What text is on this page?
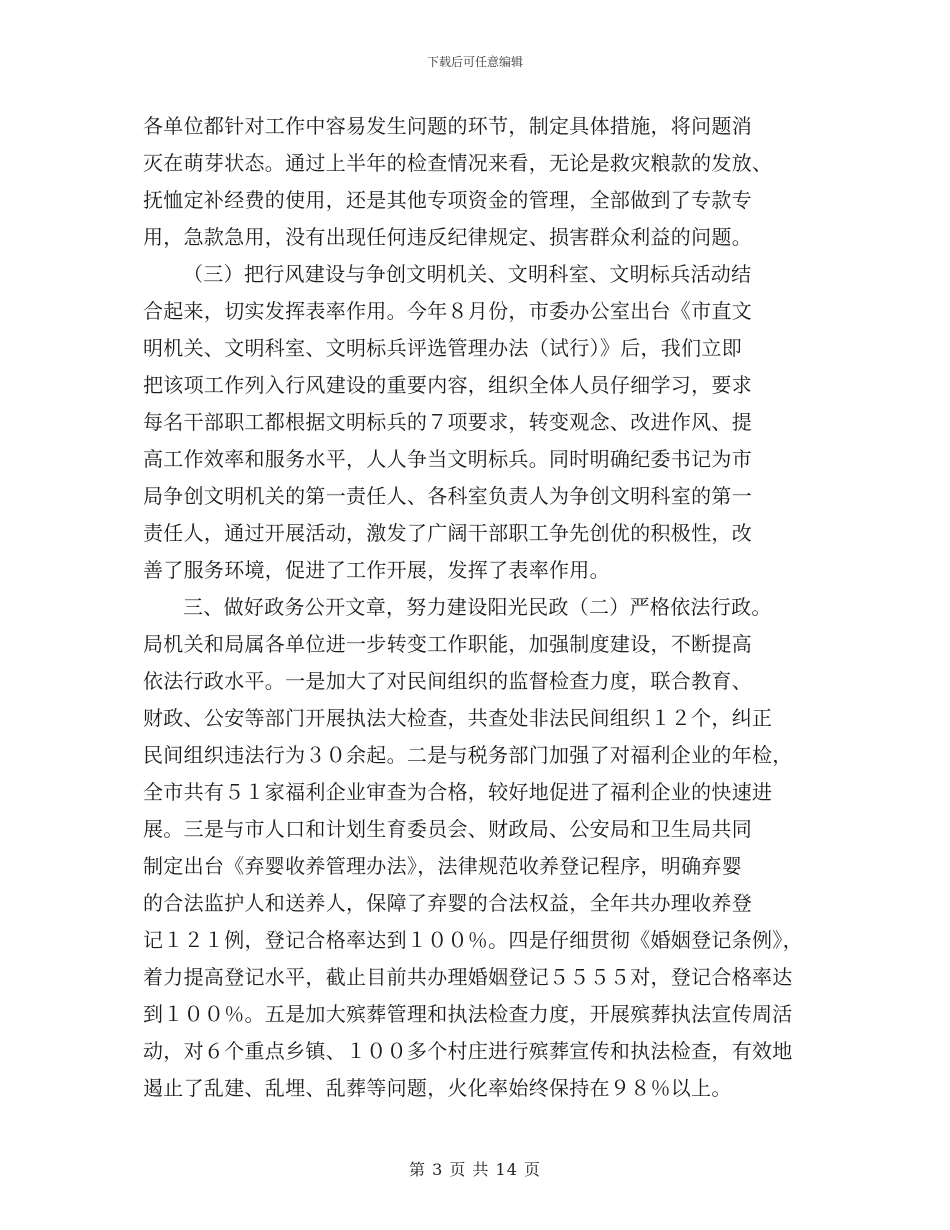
下载后可任意编辑
各单位都针对工作中容易发生问题的环节，制定具体措施，将问题消
灭在萌芽状态。通过上半年的检查情况来看，无论是救灾粮款的发放、
抚恤定补经费的使用，还是其他专项资金的管理，全部做到了专款专
用，急款急用，没有出现任何违反纪律规定、损害群众利益的问题。
（三）把行风建设与争创文明机关、文明科室、文明标兵活动结
合起来，切实发挥表率作用。今年８月份，市委办公室出台《市直文
明机关、文明科室、文明标兵评选管理办法（试行）》后，我们立即
把该项工作列入行风建设的重要内容，组织全体人员仔细学习，要求
每名干部职工都根据文明标兵的７项要求，转变观念、改进作风、提
高工作效率和服务水平，人人争当文明标兵。同时明确纪委书记为市
局争创文明机关的第一责任人、各科室负责人为争创文明科室的第一
责任人，通过开展活动，激发了广阔干部职工争先创优的积极性，改
善了服务环境，促进了工作开展，发挥了表率作用。
三、做好政务公开文章，努力建设阳光民政（二）严格依法行政。
局机关和局属各单位进一步转变工作职能，加强制度建设，不断提高
依法行政水平。一是加大了对民间组织的监督检查力度，联合教育、
财政、公安等部门开展执法大检查，共查处非法民间组织１２个，纠正
民间组织违法行为３０余起。二是与税务部门加强了对福利企业的年检，
全市共有５１家福利企业审查为合格，较好地促进了福利企业的快速进
展。三是与市人口和计划生育委员会、财政局、公安局和卫生局共同
制定出台《弃婴收养管理办法》，法律规范收养登记程序，明确弃婴
的合法监护人和送养人，保障了弃婴的合法权益，全年共办理收养登
记１２１例，登记合格率达到１００％。四是仔细贯彻《婚姻登记条例》，
着力提高登记水平，截止目前共办理婚姻登记５５５５对，登记合格率达
到１００％。五是加大殡葬管理和执法检查力度，开展殡葬执法宣传周活
动，对６个重点乡镇、１００多个村庄进行殡葬宣传和执法检查，有效地
遏止了乱建、乱埋、乱葬等问题，火化率始终保持在９８％以上。
第 3 页 共 14 页
